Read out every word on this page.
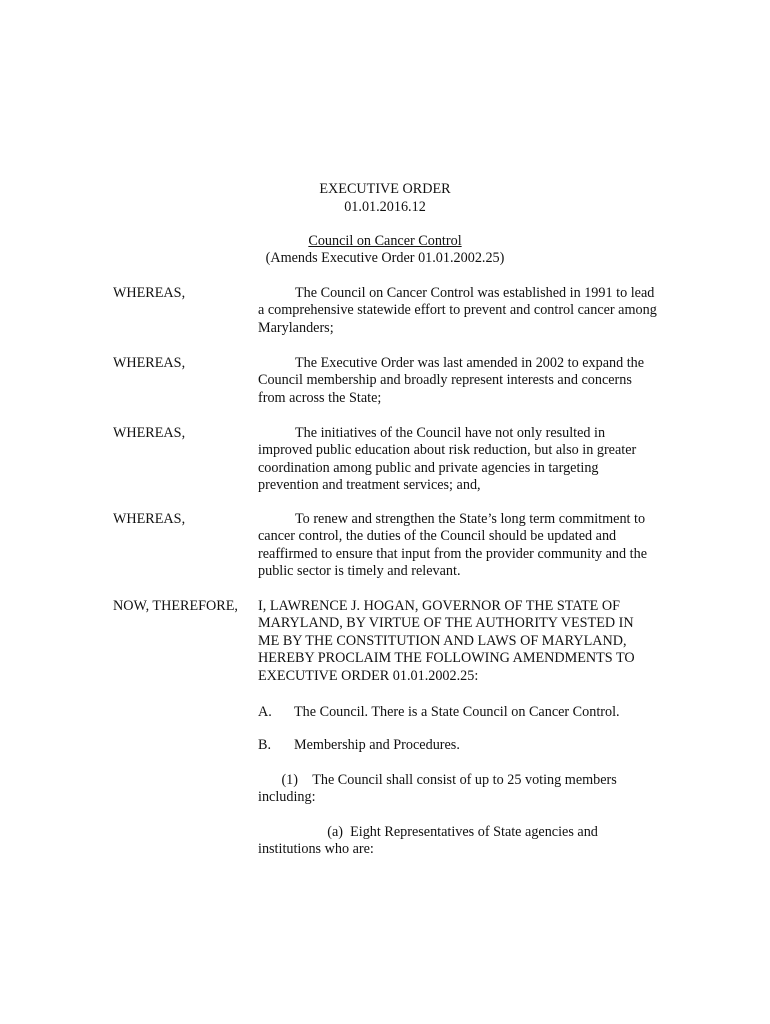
EXECUTIVE ORDER
01.01.2016.12
Council on Cancer Control
(Amends Executive Order 01.01.2002.25)
WHEREAS,	The Council on Cancer Control was established in 1991 to lead a comprehensive statewide effort to prevent and control cancer among Marylanders;
WHEREAS,	The Executive Order was last amended in 2002 to expand the Council membership and broadly represent interests and concerns from across the State;
WHEREAS,	The initiatives of the Council have not only resulted in improved public education about risk reduction, but also in greater coordination among public and private agencies in targeting prevention and treatment services; and,
WHEREAS,	To renew and strengthen the State’s long term commitment to cancer control, the duties of the Council should be updated and reaffirmed to ensure that input from the provider community and the public sector is timely and relevant.
NOW, THEREFORE, I, LAWRENCE J. HOGAN, GOVERNOR OF THE STATE OF MARYLAND, BY VIRTUE OF THE AUTHORITY VESTED IN ME BY THE CONSTITUTION AND LAWS OF MARYLAND, HEREBY PROCLAIM THE FOLLOWING AMENDMENTS TO EXECUTIVE ORDER 01.01.2002.25:
A. The Council. There is a State Council on Cancer Control.
B. Membership and Procedures.
(1) The Council shall consist of up to 25 voting members including:
(a) Eight Representatives of State agencies and institutions who are:
